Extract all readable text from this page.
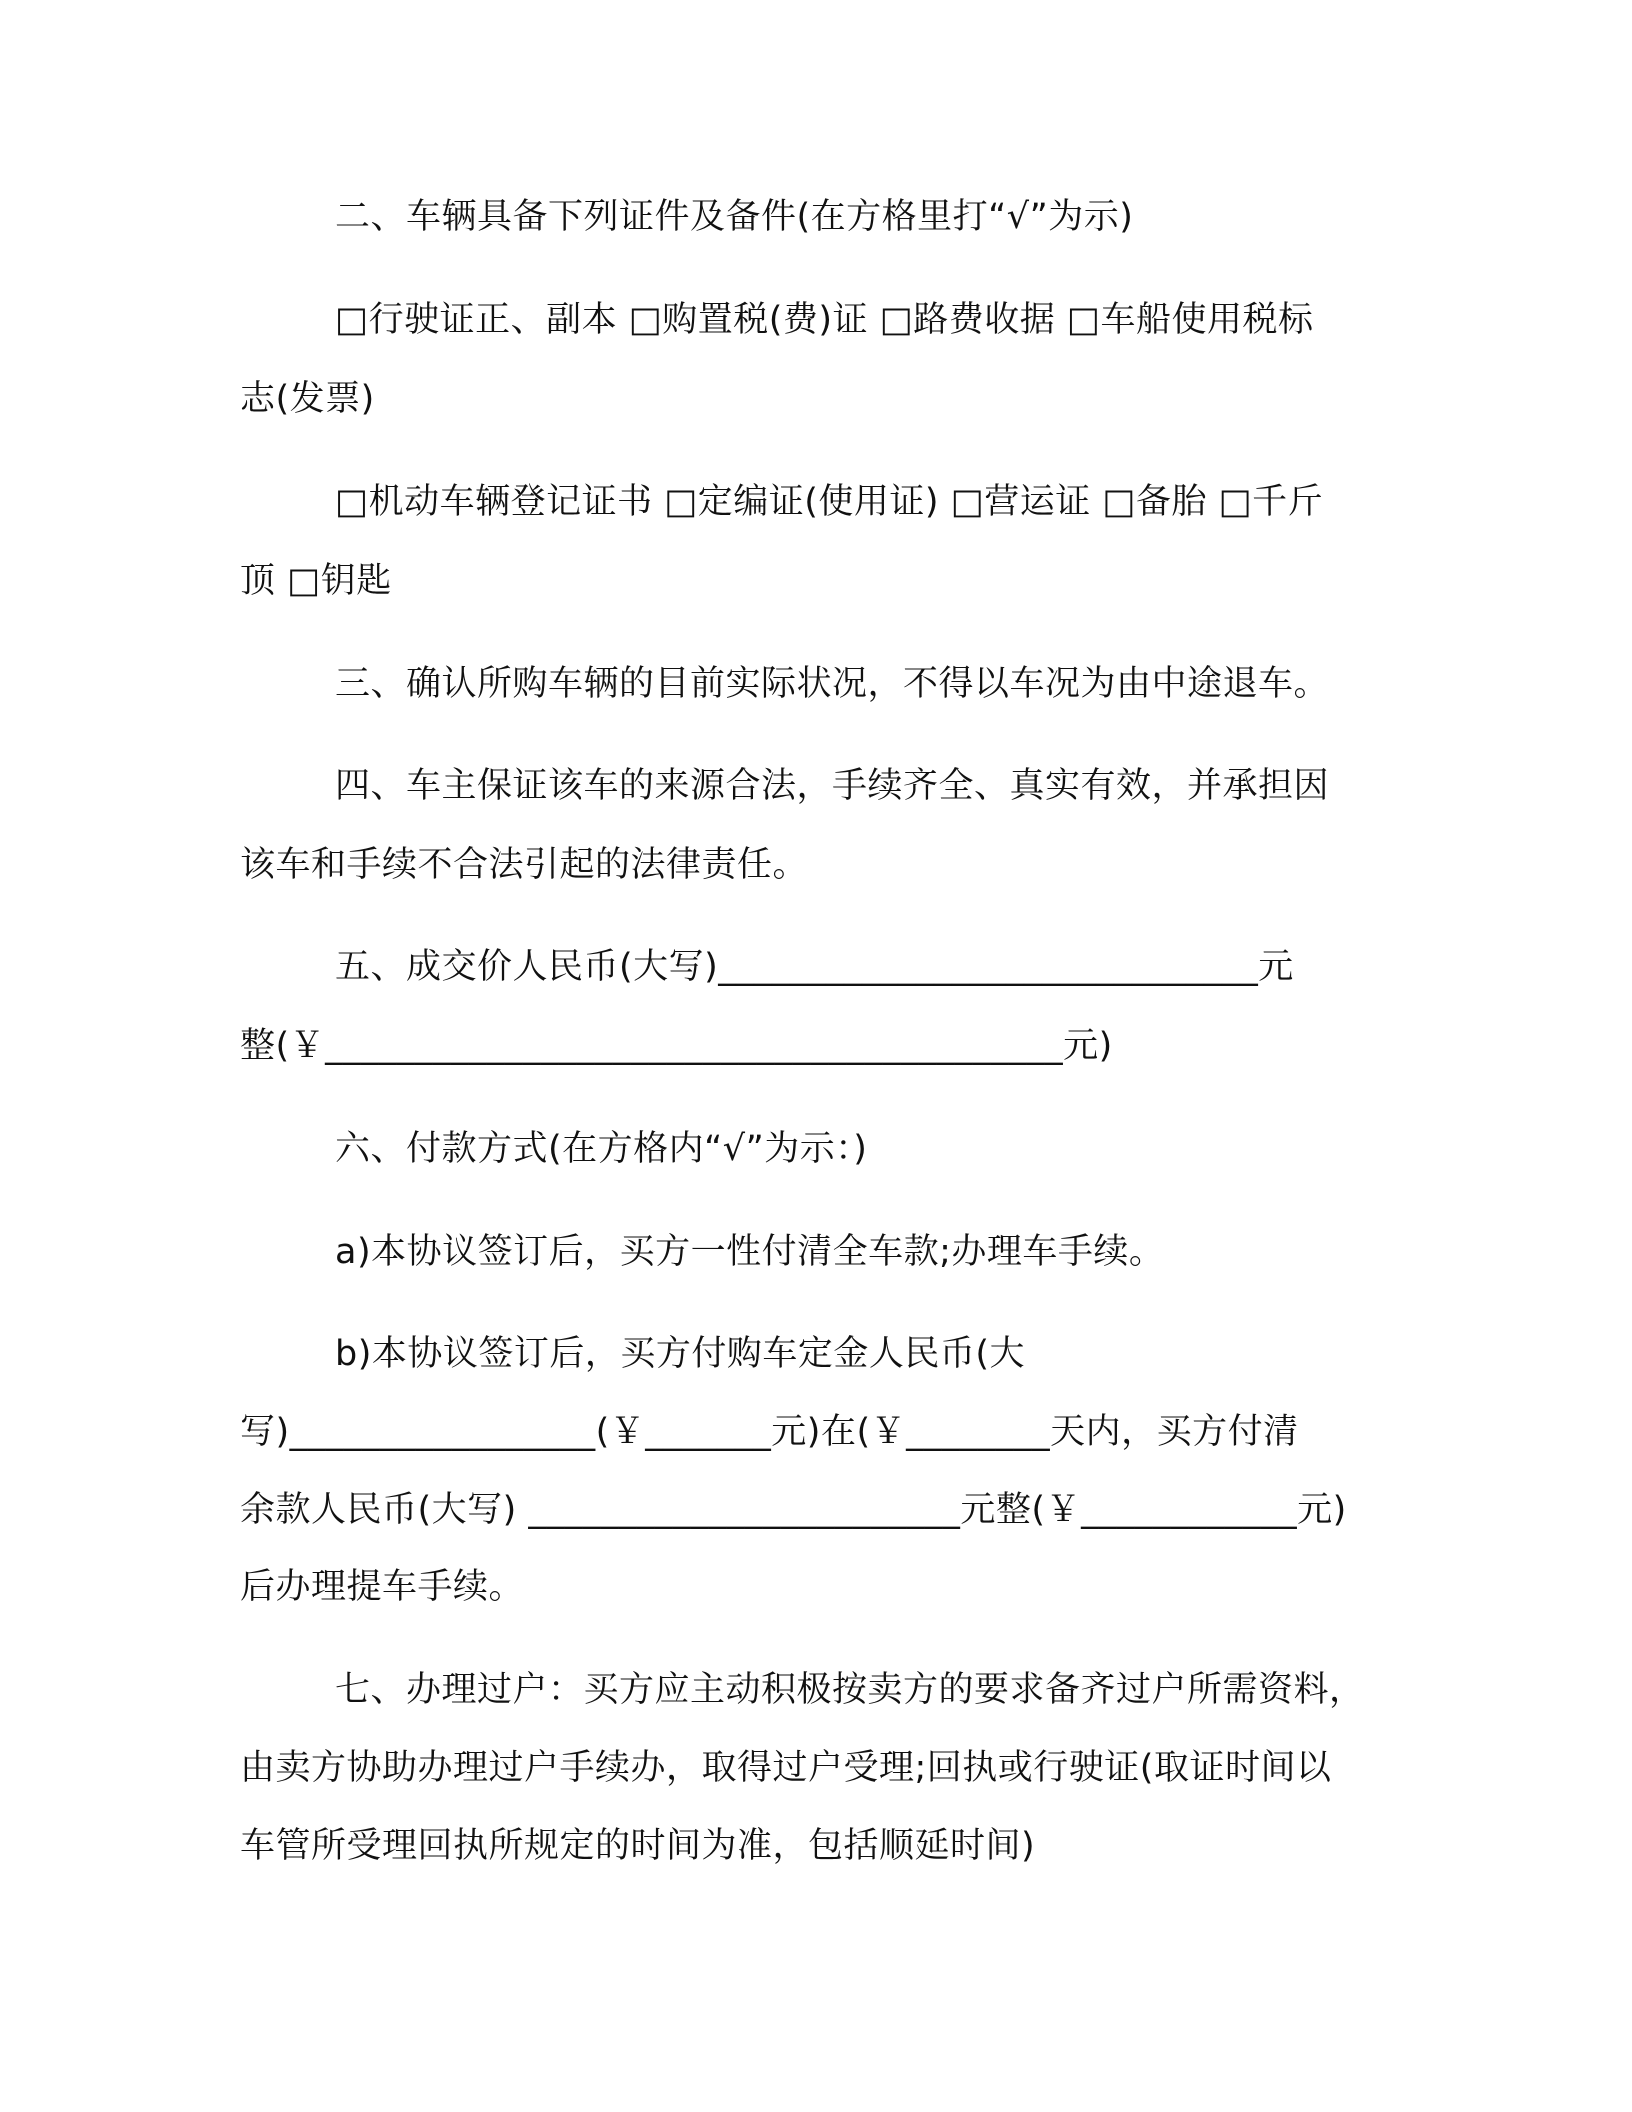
二、车辆具备下列证件及备件(在方格里打“√”为示)
□行驶证正、副本 □购置税(费)证 □路费收据 □车船使用税标
志(发票)
□机动车辆登记证书 □定编证(使用证) □营运证 □备胎 □千斤
顶 □钥匙
三、确认所购车辆的目前实际状况，不得以车况为由中途退车。
四、车主保证该车的来源合法，手续齐全、真实有效，并承担因
该车和手续不合法引起的法律责任。
五、成交价人民币(大写)______________________________元
整(￥_________________________________________元)
六、付款方式(在方格内“√”为示：)
a)本协议签订后，买方一性付清全车款;办理车手续。
b)本协议签订后，买方付购车定金人民币(大
写)_________________(￥_______元)在(￥________天内，买方付清
余款人民币(大写) ________________________元整(￥____________元)
后办理提车手续。
七、办理过户：买方应主动积极按卖方的要求备齐过户所需资料，
由卖方协助办理过户手续办，取得过户受理;回执或行驶证(取证时间以
车管所受理回执所规定的时间为准，包括顺延时间)
